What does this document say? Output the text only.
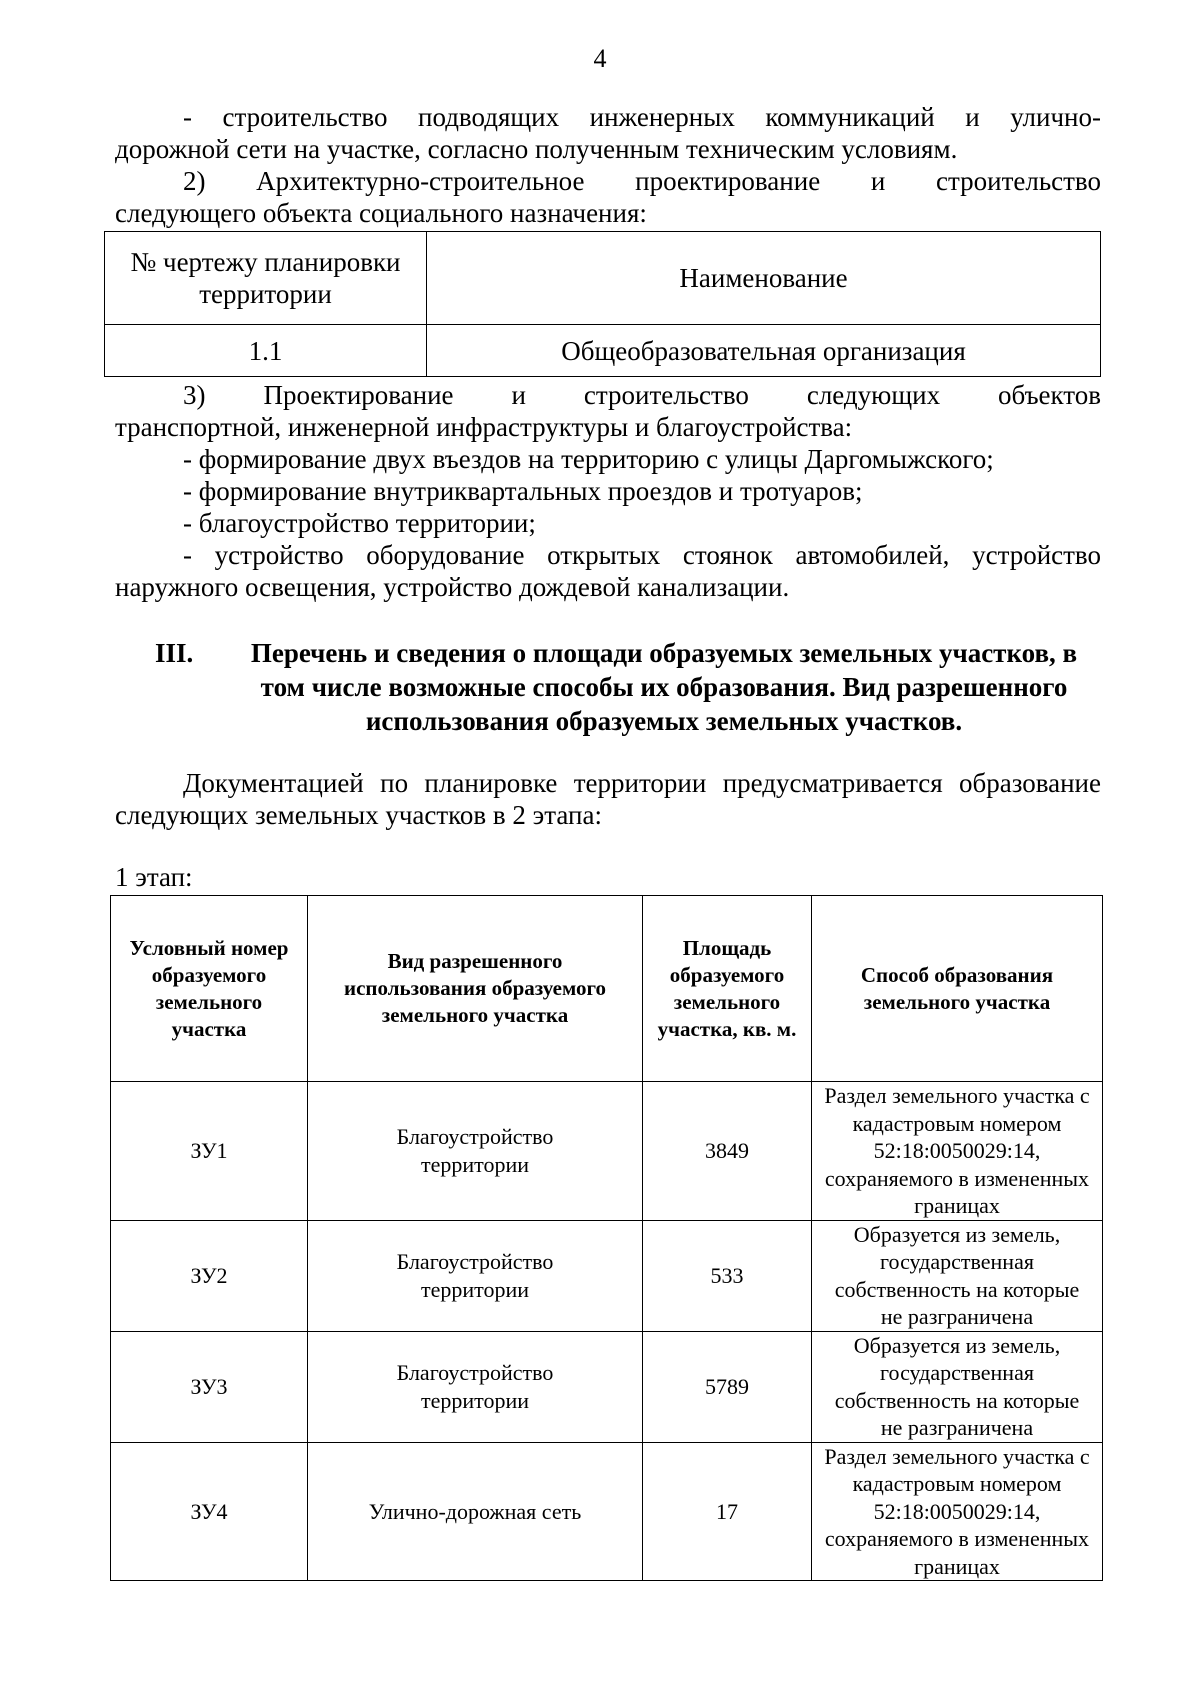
4
- строительство подводящих инженерных коммуникаций и улично-
дорожной сети на участке, согласно полученным техническим условиям.
2) Архитектурно-строительное проектирование и строительство
следующего объекта социального назначения:
№ чертежу планировки территории	Наименование
1.1	Общеобразовательная организация
3) Проектирование и строительство следующих объектов
транспортной, инженерной инфраструктуры и благоустройства:
- формирование двух въездов на территорию с улицы Даргомыжского;
- формирование внутриквартальных проездов и тротуаров;
- благоустройство территории;
- устройство оборудование открытых стоянок автомобилей, устройство
наружного освещения, устройство дождевой канализации.
III.	Перечень и сведения о площади образуемых земельных участков, в
том числе возможные способы их образования. Вид разрешенного
использования образуемых земельных участков.
Документацией по планировке территории предусматривается образование
следующих земельных участков в 2 этапа:
1 этап:
Условный номер образуемого земельного участка	Вид разрешенного использования образуемого земельного участка	Площадь образуемого земельного участка, кв. м.	Способ образования земельного участка
ЗУ1	Благоустройство территории	3849	Раздел земельного участка с кадастровым номером 52:18:0050029:14, сохраняемого в измененных границах
ЗУ2	Благоустройство территории	533	Образуется из земель, государственная собственность на которые не разграничена
ЗУ3	Благоустройство территории	5789	Образуется из земель, государственная собственность на которые не разграничена
ЗУ4	Улично-дорожная сеть	17	Раздел земельного участка с кадастровым номером 52:18:0050029:14, сохраняемого в измененных границах
